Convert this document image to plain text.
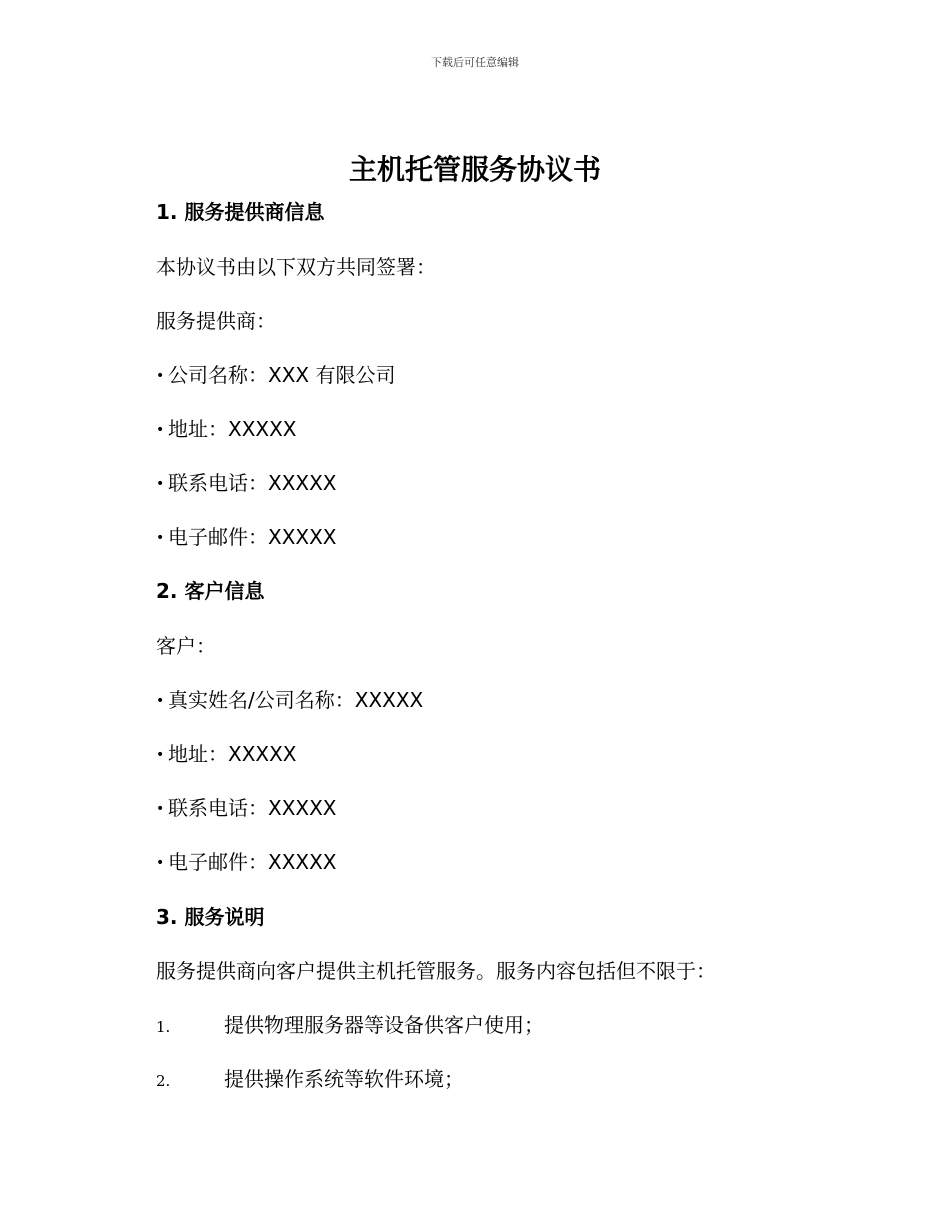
下载后可任意编辑
主机托管服务协议书
1. 服务提供商信息
本协议书由以下双方共同签署：
服务提供商：
• 公司名称：XXX 有限公司
• 地址：XXXXX
• 联系电话：XXXXX
• 电子邮件：XXXXX
2. 客户信息
客户：
• 真实姓名/公司名称：XXXXX
• 地址：XXXXX
• 联系电话：XXXXX
• 电子邮件：XXXXX
3. 服务说明
服务提供商向客户提供主机托管服务。服务内容包括但不限于：
1.	提供物理服务器等设备供客户使用；
2.	提供操作系统等软件环境；
